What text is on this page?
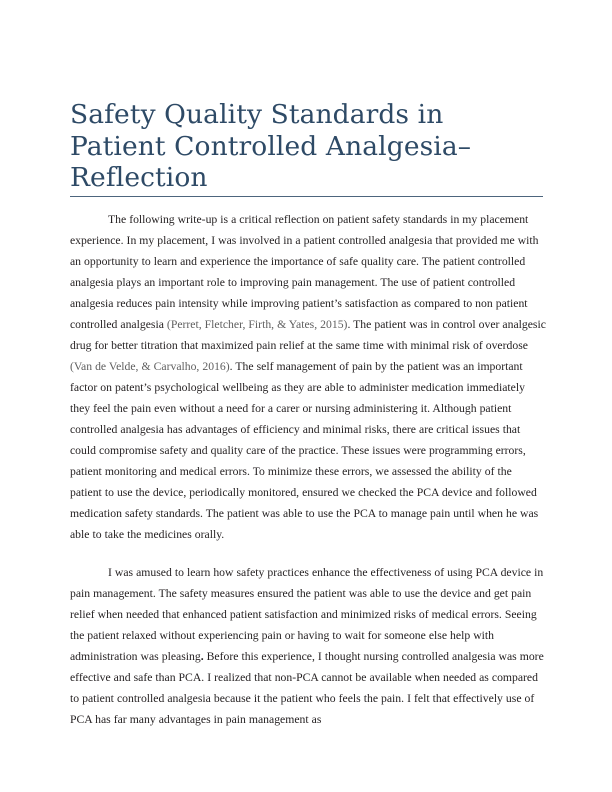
Safety Quality Standards in
Patient Controlled Analgesia–
Reflection

The following write-up is a critical reflection on patient safety standards in my placement experience. In my placement, I was involved in a patient controlled analgesia that provided me with an opportunity to learn and experience the importance of safe quality care. The patient controlled analgesia plays an important role to improving pain management. The use of patient controlled analgesia reduces pain intensity while improving patient’s satisfaction as compared to non patient controlled analgesia (Perret, Fletcher, Firth, & Yates, 2015). The patient was in control over analgesic drug for better titration that maximized pain relief at the same time with minimal risk of overdose (Van de Velde, & Carvalho, 2016). The self management of pain by the patient was an important factor on patent’s psychological wellbeing as they are able to administer medication immediately they feel the pain even without a need for a carer or nursing administering it. Although patient controlled analgesia has advantages of efficiency and minimal risks, there are critical issues that could compromise safety and quality care of the practice. These issues were programming errors, patient monitoring and medical errors. To minimize these errors, we assessed the ability of the patient to use the device, periodically monitored, ensured we checked the PCA device and followed medication safety standards. The patient was able to use the PCA to manage pain until when he was able to take the medicines orally.

I was amused to learn how safety practices enhance the effectiveness of using PCA device in pain management. The safety measures ensured the patient was able to use the device and get pain relief when needed that enhanced patient satisfaction and minimized risks of medical errors. Seeing the patient relaxed without experiencing pain or having to wait for someone else help with administration was pleasing. Before this experience, I thought nursing controlled analgesia was more effective and safe than PCA. I realized that non-PCA cannot be available when needed as compared to patient controlled analgesia because it the patient who feels the pain. I felt that effectively use of PCA has far many advantages in pain management as
